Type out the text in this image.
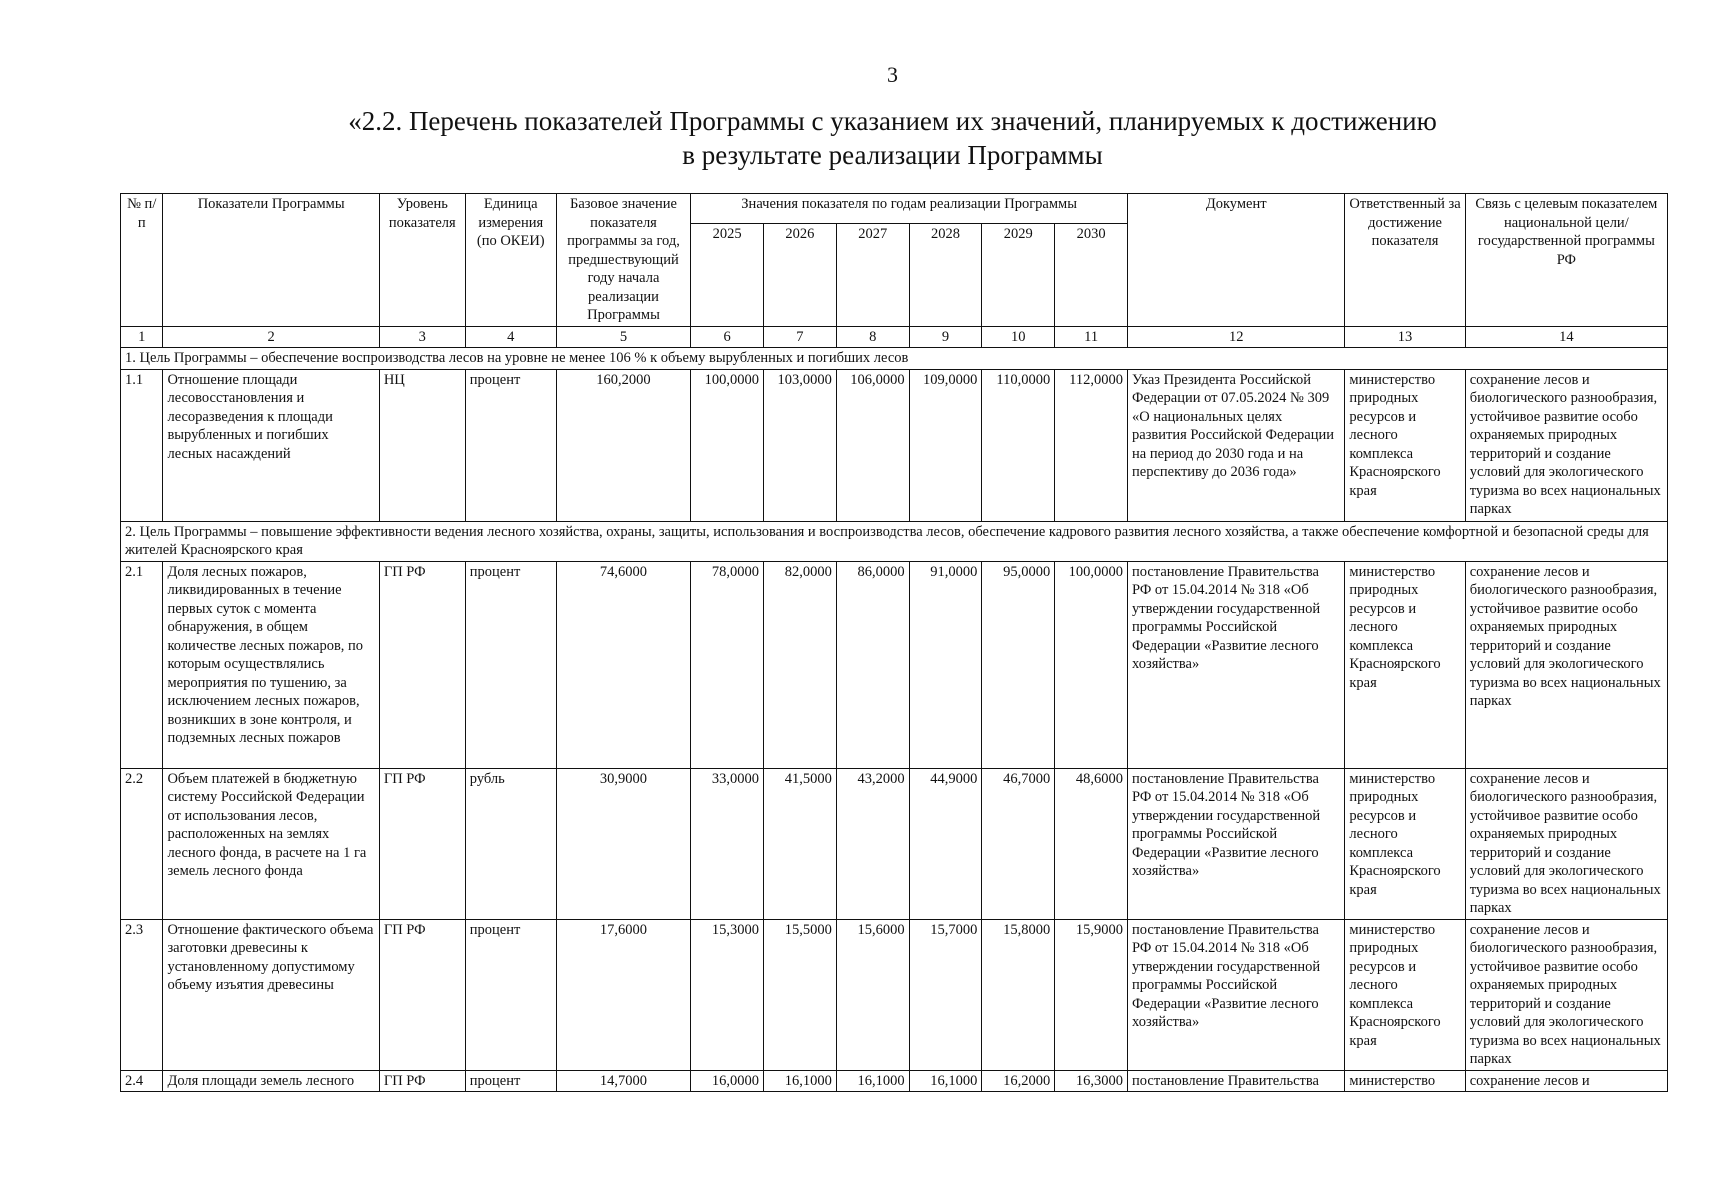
3
«2.2. Перечень показателей Программы с указанием их значений, планируемых к достижению
в результате реализации Программы
№ п/п	Показатели Программы	Уровень показателя	Единица измерения (по ОКЕИ)	Базовое значение показателя программы за год, предшествующий году начала реализации Программы	Значения показателя по годам реализации Программы						Документ	Ответственный за достижение показателя	Связь с целевым показателем национальной цели/государственной программы РФ
					2025	2026	2027	2028	2029	2030			
1	2	3	4	5	6	7	8	9	10	11	12	13	14
1. Цель Программы – обеспечение воспроизводства лесов на уровне не менее 106 % к объему вырубленных и погибших лесов													
1.1	Отношение площади лесовосстановления и лесоразведения к площади вырубленных и погибших лесных насаждений	НЦ	процент	160,2000	100,0000	103,0000	106,0000	109,0000	110,0000	112,0000	Указ Президента Российской Федерации от 07.05.2024 № 309 «О национальных целях развития Российской Федерации на период до 2030 года и на перспективу до 2036 года»	министерство природных ресурсов и лесного комплекса Красноярского края	сохранение лесов и биологического разнообразия, устойчивое развитие особо охраняемых природных территорий и создание условий для экологического туризма во всех национальных парках
2. Цель Программы – повышение эффективности ведения лесного хозяйства, охраны, защиты, использования и воспроизводства лесов, обеспечение кадрового развития лесного хозяйства, а также обеспечение комфортной и безопасной среды для жителей Красноярского края													
2.1	Доля лесных пожаров, ликвидированных в течение первых суток с момента обнаружения, в общем количестве лесных пожаров, по которым осуществлялись мероприятия по тушению, за исключением лесных пожаров, возникших в зоне контроля, и подземных лесных пожаров	ГП РФ	процент	74,6000	78,0000	82,0000	86,0000	91,0000	95,0000	100,0000	постановление Правительства РФ от 15.04.2014 № 318 «Об утверждении государственной программы Российской Федерации «Развитие лесного хозяйства»	министерство природных ресурсов и лесного комплекса Красноярского края	сохранение лесов и биологического разнообразия, устойчивое развитие особо охраняемых природных территорий и создание условий для экологического туризма во всех национальных парках
2.2	Объем платежей в бюджетную систему Российской Федерации от использования лесов, расположенных на землях лесного фонда, в расчете на 1 га земель лесного фонда	ГП РФ	рубль	30,9000	33,0000	41,5000	43,2000	44,9000	46,7000	48,6000	постановление Правительства РФ от 15.04.2014 № 318 «Об утверждении государственной программы Российской Федерации «Развитие лесного хозяйства»	министерство природных ресурсов и лесного комплекса Красноярского края	сохранение лесов и биологического разнообразия, устойчивое развитие особо охраняемых природных территорий и создание условий для экологического туризма во всех национальных парках
2.3	Отношение фактического объема заготовки древесины к установленному допустимому объему изъятия древесины	ГП РФ	процент	17,6000	15,3000	15,5000	15,6000	15,7000	15,8000	15,9000	постановление Правительства РФ от 15.04.2014 № 318 «Об утверждении государственной программы Российской Федерации «Развитие лесного хозяйства»	министерство природных ресурсов и лесного комплекса Красноярского края	сохранение лесов и биологического разнообразия, устойчивое развитие особо охраняемых природных территорий и создание условий для экологического туризма во всех национальных парках
2.4	Доля площади земель лесного	ГП РФ	процент	14,7000	16,0000	16,1000	16,1000	16,1000	16,2000	16,3000	постановление Правительства	министерство	сохранение лесов и
